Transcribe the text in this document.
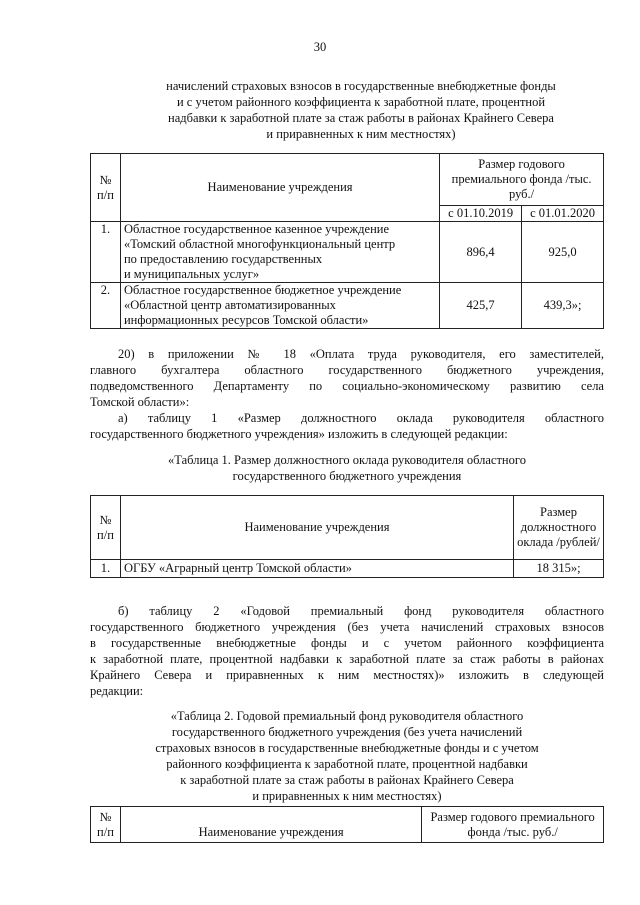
30
начислений страховых взносов в государственные внебюджетные фонды
и с учетом районного коэффициента к заработной плате, процентной
надбавки к заработной плате за стаж работы в районах Крайнего Севера
и приравненных к ним местностях)
№ п/п	Наименование учреждения	Размер годового премиального фонда /тыс. руб./	
		с 01.10.2019	с 01.01.2020
1.	Областное государственное казенное учреждение
«Томский областной многофункциональный центр
по предоставлению государственных
и муниципальных услуг»	896,4	925,0
2.	Областное государственное бюджетное учреждение
«Областной центр автоматизированных
информационных ресурсов Томской области»	425,7	439,3»;
20) в приложении № 18 «Оплата труда руководителя, его заместителей,
главного бухгалтера областного государственного бюджетного учреждения,
подведомственного Департаменту по социально-экономическому развитию села
Томской области»:
а) таблицу 1 «Размер должностного оклада руководителя областного
государственного бюджетного учреждения» изложить в следующей редакции:
«Таблица 1. Размер должностного оклада руководителя областного
государственного бюджетного учреждения
№ п/п	Наименование учреждения	Размер должностного оклада /рублей/
1.	ОГБУ «Аграрный центр Томской области»	18 315»;
б) таблицу 2 «Годовой премиальный фонд руководителя областного
государственного бюджетного учреждения (без учета начислений страховых взносов
в государственные внебюджетные фонды и с учетом районного коэффициента
к заработной плате, процентной надбавки к заработной плате за стаж работы в районах
Крайнего Севера и приравненных к ним местностях)» изложить в следующей
редакции:
«Таблица 2. Годовой премиальный фонд руководителя областного
государственного бюджетного учреждения (без учета начислений
страховых взносов в государственные внебюджетные фонды и с учетом
районного коэффициента к заработной плате, процентной надбавки
к заработной плате за стаж работы в районах Крайнего Севера
и приравненных к ним местностях)
№ п/п	Наименование учреждения	Размер годового премиального фонда /тыс. руб./
